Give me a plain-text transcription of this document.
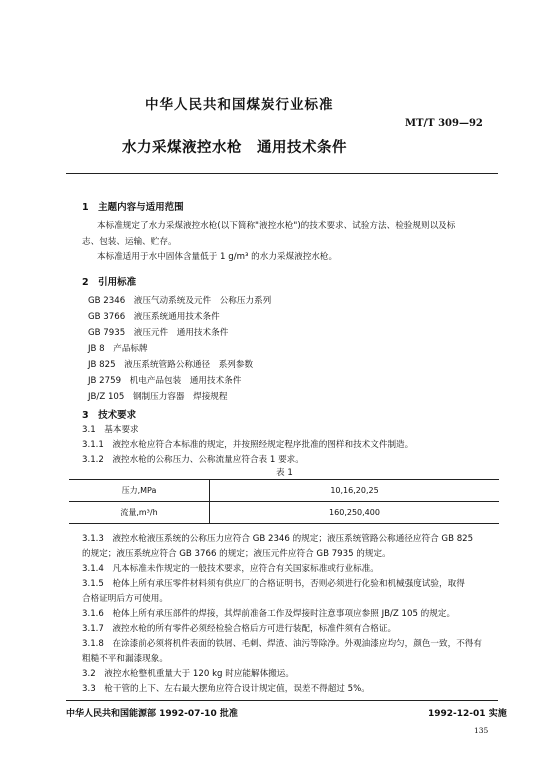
中华人民共和国煤炭行业标准
MT/T 309—92
水力采煤液控水枪　通用技术条件
1　主题内容与适用范围
本标准规定了水力采煤液控水枪(以下简称"液控水枪")的技术要求、试验方法、检验规则以及标
志、包装、运输、贮存。
本标准适用于水中固体含量低于 1 g/m³ 的水力采煤液控水枪。
2　引用标准
GB 2346　液压气动系统及元件　公称压力系列
GB 3766　液压系统通用技术条件
GB 7935　液压元件　通用技术条件
JB 8　产品标牌
JB 825　液压系统管路公称通径　系列参数
JB 2759　机电产品包装　通用技术条件
JB/Z 105　钢制压力容器　焊接规程
3　技术要求
3.1　基本要求
3.1.1　液控水枪应符合本标准的规定，并按照经规定程序批准的图样和技术文件制造。
3.1.2　液控水枪的公称压力、公称流量应符合表 1 要求。
表 1
压力,MPa	10,16,20,25
流量,m³/h	160,250,400
3.1.3　液控水枪液压系统的公称压力应符合 GB 2346 的规定；液压系统管路公称通径应符合 GB 825
的规定；液压系统应符合 GB 3766 的规定；液压元件应符合 GB 7935 的规定。
3.1.4　凡本标准未作规定的一般技术要求，应符合有关国家标准或行业标准。
3.1.5　枪体上所有承压零件材料须有供应厂的合格证明书，否则必须进行化验和机械强度试验，取得
合格证明后方可使用。
3.1.6　枪体上所有承压部件的焊接，其焊前准备工作及焊接时注意事项应参照 JB/Z 105 的规定。
3.1.7　液控水枪的所有零件必须经检验合格后方可进行装配，标准件须有合格证。
3.1.8　在涂漆前必须将机件表面的铁屑、毛刺、焊渣、油污等除净。外观油漆应均匀，颜色一致，不得有
粗糙不平和漏漆现象。
3.2　液控水枪整机重量大于 120 kg 时应能解体搬运。
3.3　枪干管的上下、左右最大摆角应符合设计规定值，误差不得超过 5%。
中华人民共和国能源部 1992-07-10 批准	1992-12-01 实施
135
